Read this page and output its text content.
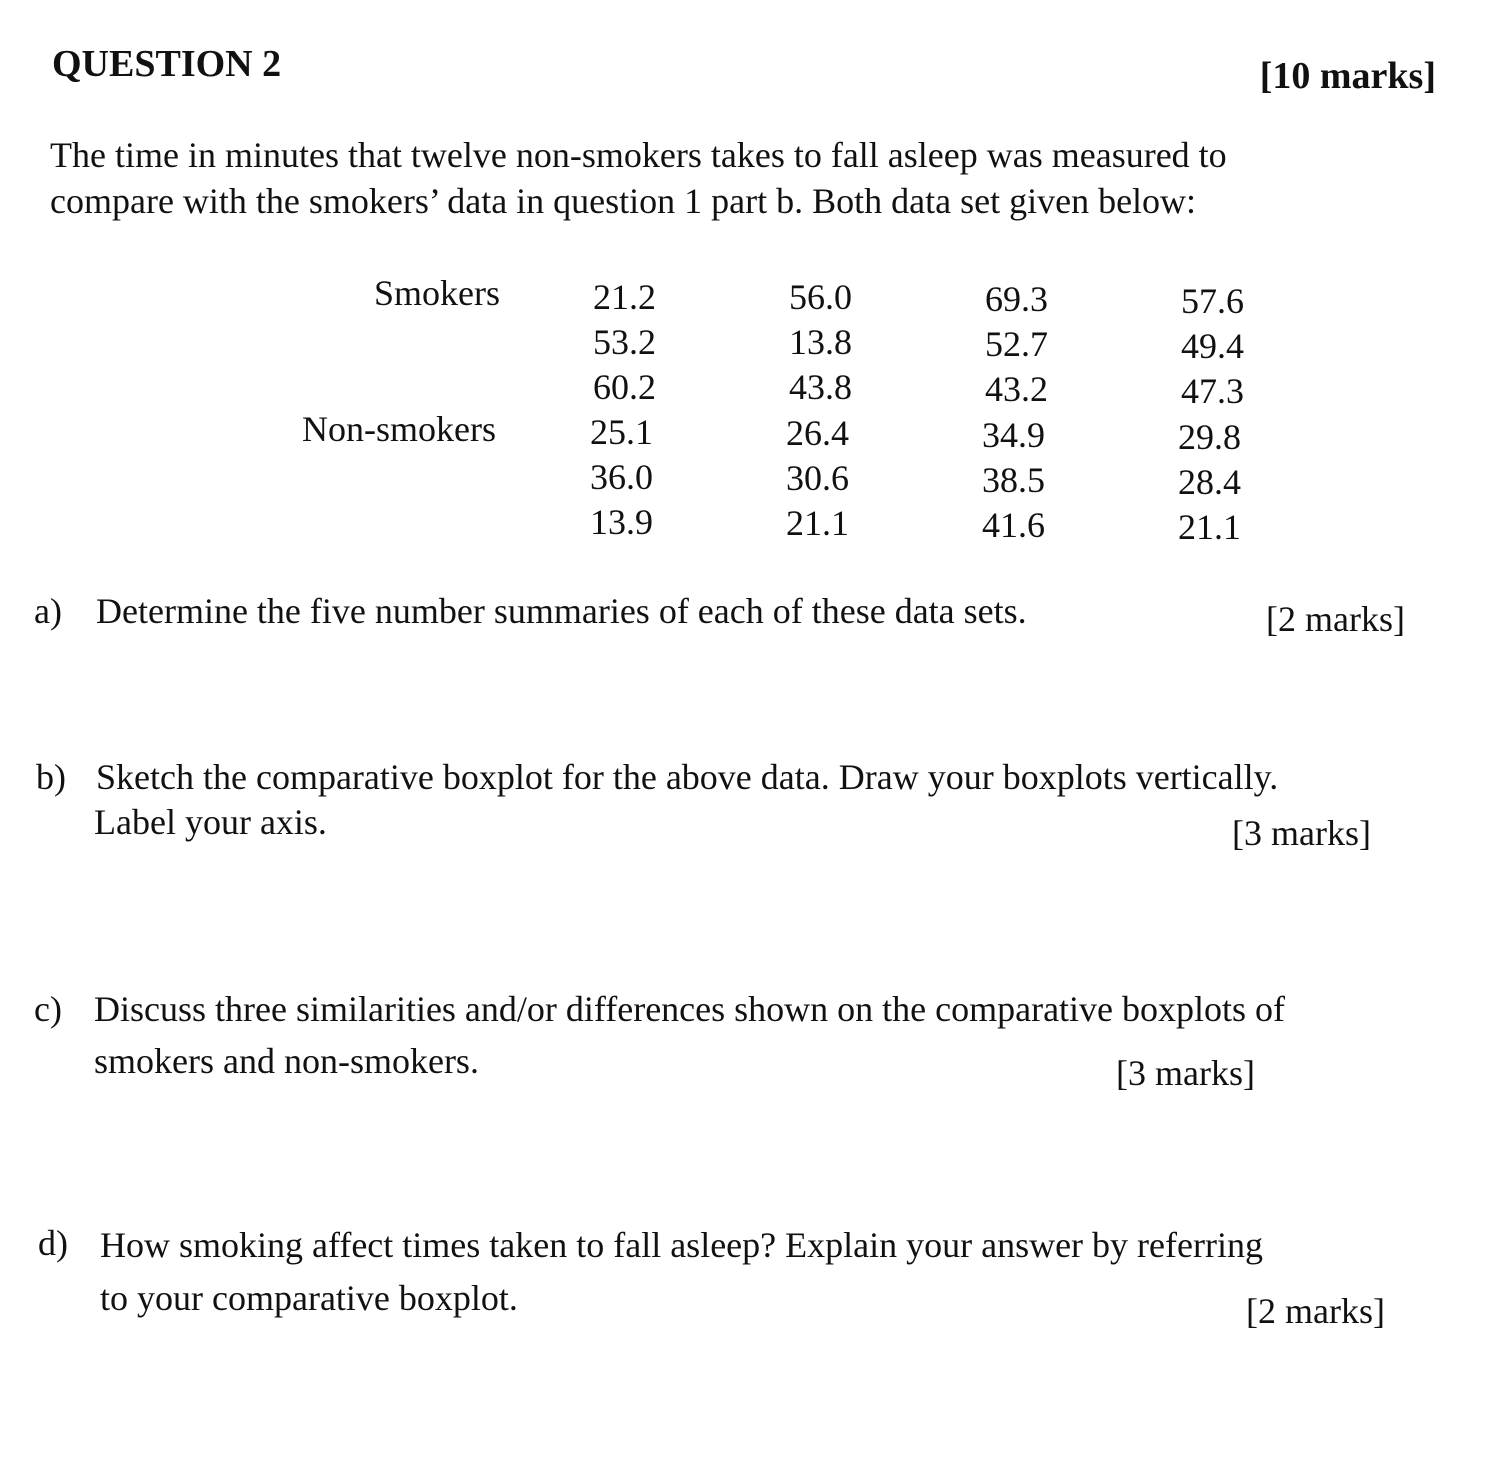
QUESTION 2	[10 marks]

The time in minutes that twelve non-smokers takes to fall asleep was measured to

compare with the smokers’ data in question 1 part b. Both data set given below:

Smokers	21.2	56.0	69.3	57.6
53.2	13.8	52.7	49.4
60.2	43.8	43.2	47.3
Non-smokers	25.1	26.4	34.9	29.8
36.0	30.6	38.5	28.4
13.9	21.1	41.6	21.1
a) Determine the five number summaries of each of these data sets.	[2 marks]
b) Sketch the comparative boxplot for the above data. Draw your boxplots vertically.
Label your axis.	[3 marks]
c) Discuss three similarities and/or differences shown on the comparative boxplots of
smokers and non-smokers.	[3 marks]
d) How smoking affect times taken to fall asleep? Explain your answer by referring
to your comparative boxplot.	[2 marks]
